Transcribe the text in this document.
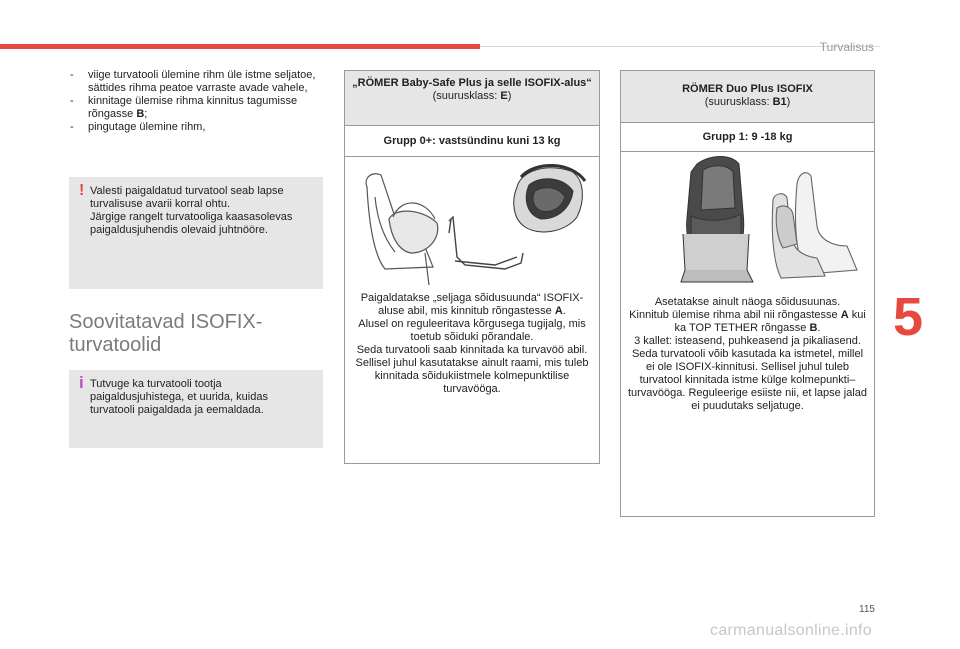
Turvalisus
5
115
carmanualsonline.info
-	viige turvatooli ülemine rihm üle istme seljatoe, sättides rihma peatoe varraste avade vahele,
-	kinnitage ülemise rihma kinnitus tagumisse rõngasse B;
-	pingutage ülemine rihm,
! Valesti paigaldatud turvatool seab lapse turvalisuse avarii korral ohtu.
Järgige rangelt turvatooliga kaasasolevas paigaldusjuhendis olevaid juhtnööre.
Soovitatavad ISOFIX-turvatoolid
i Tutvuge ka turvatooli tootja paigaldusjuhistega, et uurida, kuidas turvatooli paigaldada ja eemaldada.
„RÖMER Baby-Safe Plus ja selle ISOFIX-alus“
(suurusklass: E)
Grupp 0+: vastsündinu kuni 13 kg
Paigaldatakse „seljaga sõidusuunda“ ISOFIX-aluse abil, mis kinnitub rõngastesse A.
Alusel on reguleeritava kõrgusega tugijalg, mis toetub sõiduki põrandale.
Seda turvatooli saab kinnitada ka turvavöö abil. Sellisel juhul kasutatakse ainult raami, mis tuleb kinnitada sõidukiistmele kolmepunktilise turvavööga.
RÖMER Duo Plus ISOFIX
(suurusklass: B1)
Grupp 1: 9 -18 kg
Asetatakse ainult näoga sõidusuunas.
Kinnitub ülemise rihma abil nii rõngastesse A kui ka TOP TETHER rõngasse B.
3 kallet: isteasend, puhkeasend ja pikaliasend.
Seda turvatooli võib kasutada ka istmetel, millel ei ole ISOFIX-kinnitusi. Sellisel juhul tuleb turvatool kinnitada istme külge kolmepunkti–turvavööga. Reguleerige esiiste nii, et lapse jalad ei puudutaks seljatuge.
